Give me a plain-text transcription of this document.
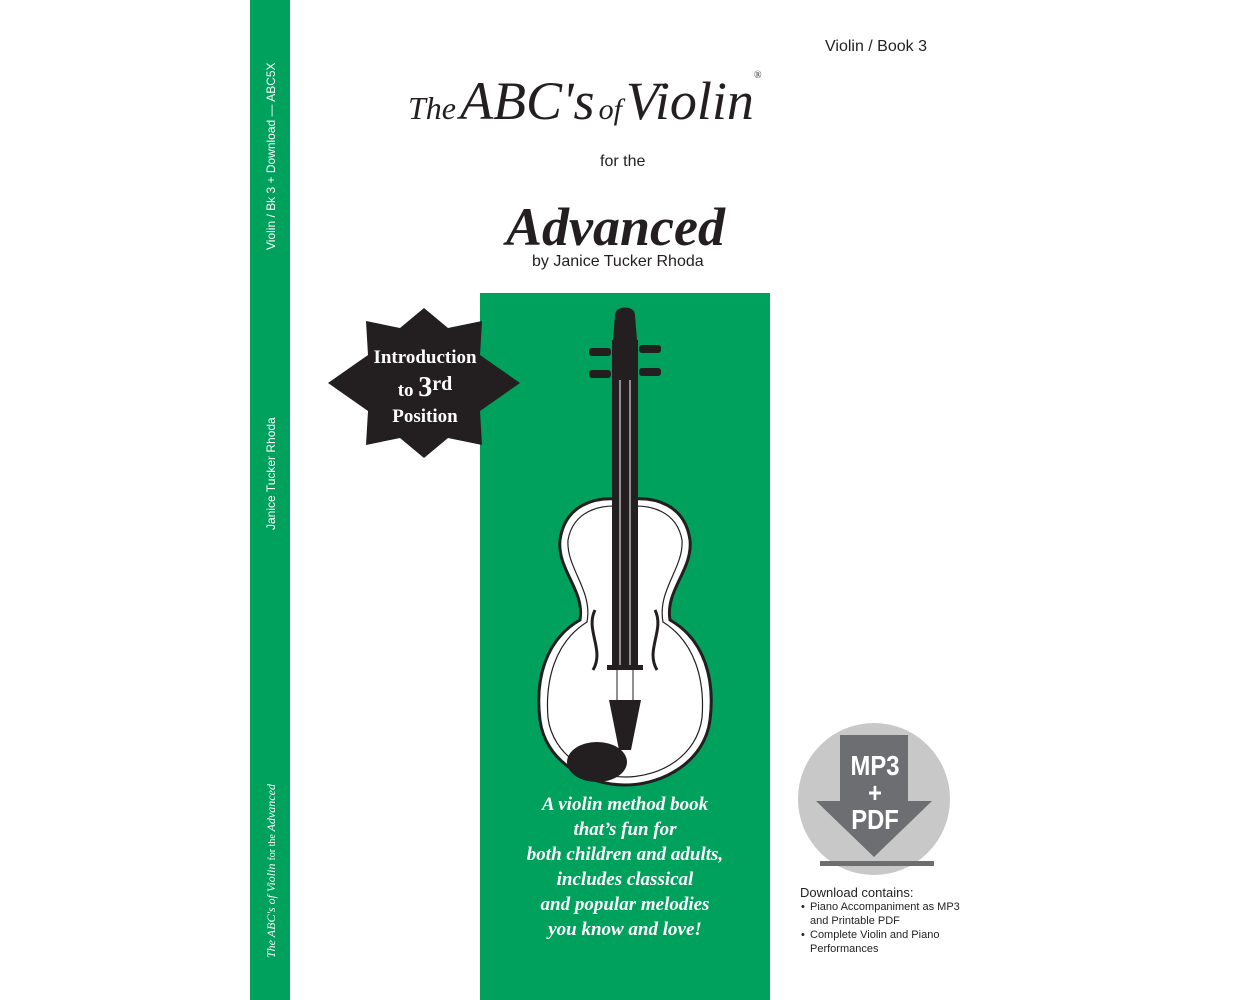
Violin / Bk 3 + Download — ABC5X
Janice Tucker Rhoda
The ABC's of Violin for the Advanced
Violin / Book 3
The ABC's of Violin®
for the
Advanced
by Janice Tucker Rhoda
Introduction
to 3rd
Position
A violin method book
that’s fun for
both children and adults,
includes classical
and popular melodies
you know and love!
MP3
+
PDF
Download contains:
• Piano Accompaniment as MP3 and Printable PDF
• Complete Violin and Piano Performances
